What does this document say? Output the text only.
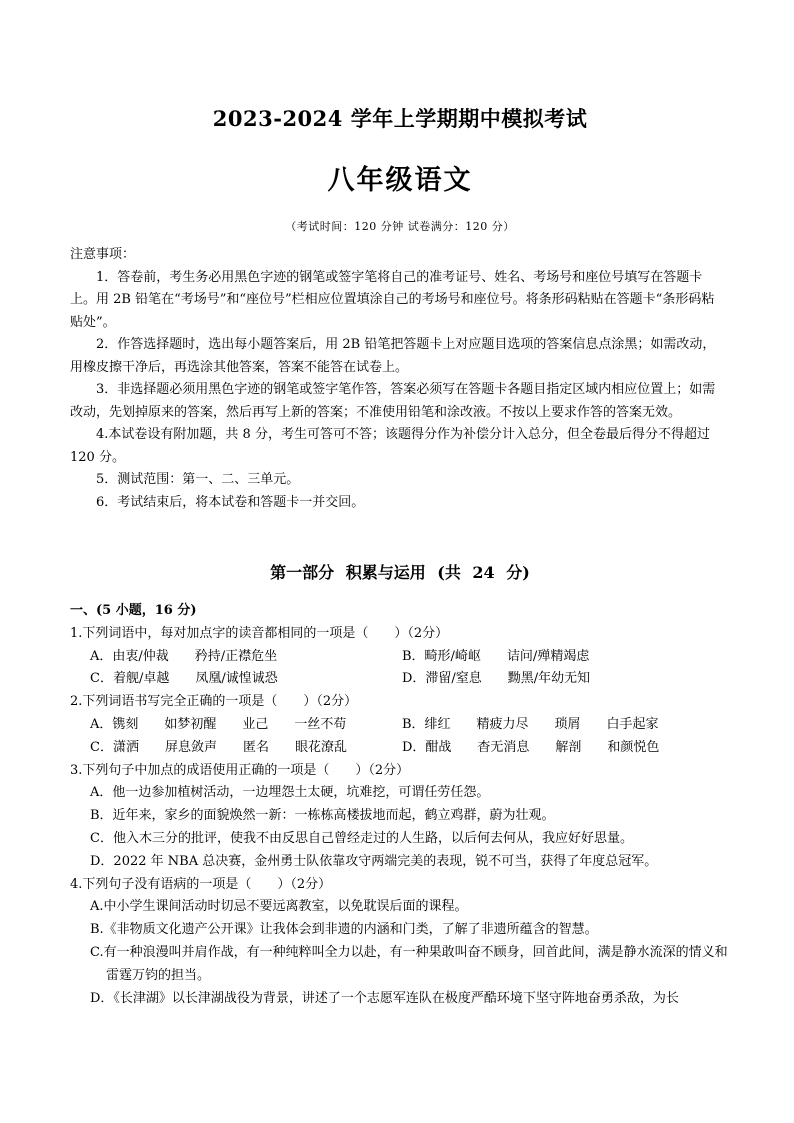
2023-2024 学年上学期期中模拟考试
八年级语文
（考试时间：120 分钟 试卷满分：120 分）

注意事项：

1．答卷前，考生务必用黑色字迹的钢笔或签字笔将自己的准考证号、姓名、考场号和座位号填写在答题卡上。用 2B 铅笔在“考场号”和“座位号”栏相应位置填涂自己的考场号和座位号。将条形码粘贴在答题卡“条形码粘贴处”。

2．作答选择题时，选出每小题答案后，用 2B 铅笔把答题卡上对应题目选项的答案信息点涂黑；如需改动，用橡皮擦干净后，再选涂其他答案，答案不能答在试卷上。

3．非选择题必须用黑色字迹的钢笔或签字笔作答，答案必须写在答题卡各题目指定区域内相应位置上；如需改动，先划掉原来的答案，然后再写上新的答案；不准使用铅笔和涂改液。不按以上要求作答的答案无效。

4.本试卷设有附加题，共 8 分，考生可答可不答；该题得分作为补偿分计入总分，但全卷最后得分不得超过 120 分。

5．测试范围：第一、二、三单元。

6．考试结束后，将本试卷和答题卡一并交回。

第一部分 积累与运用 (共 24 分)

一、(5 小题，16 分)

1.下列词语中，每对加点字的读音都相同的一项是（　　）（2分）

A．由衷/仲裁　　矜持/正襟危坐	B．畸形/崎岖　　诘问/殚精竭虑
C．着舰/卓越　　凤凰/诚惶诚恐	D．滞留/窒息　　黝黑/年幼无知

2.下列词语书写完全正确的一项是（　　）（2分）

A．镌刻　　如梦初醒　　业己　　一丝不苟	B．绯红　　精疲力尽　　琐屑　　白手起家
C．潇洒　　屏息敛声　　匿名　　眼花潦乱	D．酣战　　杳无消息　　解剖　　和颜悦色

3.下列句子中加点的成语使用正确的一项是（　　）（2分）

A．他一边参加植树活动，一边埋怨土太硬，坑难挖，可谓任劳任怨。

B．近年来，家乡的面貌焕然一新：一栋栋高楼拔地而起，鹤立鸡群，蔚为壮观。

C．他入木三分的批评，使我不由反思自己曾经走过的人生路，以后何去何从，我应好好思量。

D．2022 年 NBA 总决赛，金州勇士队依靠攻守两端完美的表现，锐不可当，获得了年度总冠军。

4.下列句子没有语病的一项是（　　）（2分）

A.中小学生课间活动时切忌不要远离教室，以免耽误后面的课程。

B.《非物质文化遗产公开课》让我体会到非遗的内涵和门类，了解了非遗所蕴含的智慧。

C.有一种浪漫叫并肩作战，有一种纯粹叫全力以赴，有一种果敢叫奋不顾身，回首此间，满是静水流深的情义和雷霆万钧的担当。

D．《长津湖》以长津湖战役为背景，讲述了一个志愿军连队在极度严酷环境下坚守阵地奋勇杀敌，为长
